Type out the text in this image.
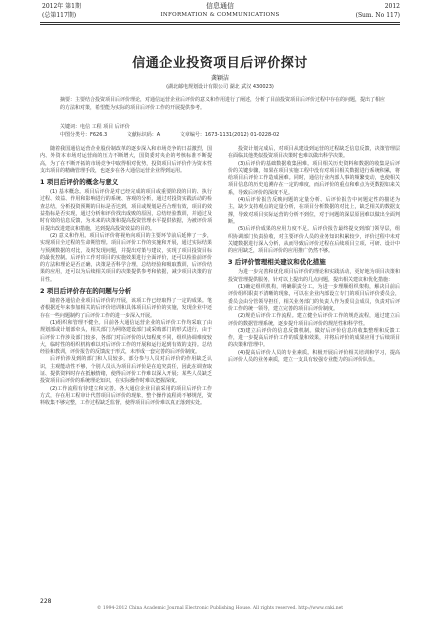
2012年 第1期
(总第117期)
信息通信
INFORMATION & COMMUNICATIONS
2012
(Sum. No 117)
信通企业投资项目后评价探讨
龚颖洁
(湖北邮电规划设计有限公司 湖北 武汉 430023)
摘要：主要结合投资项目后评价理论，对通信运营企业后评价的意义和作用进行了阐述，分析了目前投资项目后评价过程中存在的问题，提出了相应的方法和对策，希望能为实际的项目后评价工作的开展提供参考。
关键词：电信 工程 项目 后评价
中图分类号：F626.3	文献标识码：A	文章编号：1673-1131(2012) 01-0228-02

随着我国通信运营企业股份制改革的逐步深入和市场竞争的日益激烈，国内、外资本市场对运营商的压力不断增大，国资委对央企的考核标准不断提高，为了在不断开拓的市场竞争中取得相对优势，投资项目后评价作为资本性支出项目的精确管理手段，也逐步在各大通信运营企业得到运用。

1 项目后评价的概念与意义

(1) 基本概念。项目后评价是对已经完成的项目或重要阶段的目的、执行过程、效益、作用和影响进行的系统、客观的分析，通过对投资实践活动的检查总结，分析投资预期的目标是否达到，项目或规划是否合理有效，项目的效益指标是否实现，通过分析和评价找出成败的原因，总结经验教训，并通过及时有效的信息反馈，为未来的决策和提高投资管理水平提供依据，为被评价项目提出改进建议和措施，达到提高投资效益的目的。

(2) 意义和作用。项目后评价将视角向项目的主要环节前后延伸了一步，实现项目全过程的生命期管理。项目后评价工作的实施和开展，通过实际结果与预测数据的对比，及时发现问题，并提出对策与建议，实现了项目投资目标的最优控制。后评价工作对项目的实施效果进行全面评价，还可以检验前评价的方法和理论是否正确，决策是否科学合理，总结经验和吸取教训，后评价结果的应用，还可以为后续相关项目的决策提供参考和依据，减少项目决策的盲目性。

2 项目后评价存在的问题与分析

随着各通信企业项目后评价的开展，该项工作已经取得了一定的成果。笔者根据近年来参加相关的后评价培训和具体项目后评价的实施，发现企业中还存在一些问题制约了后评价工作的进一步深入开展。

(1)组织和管理不健全。目前各大通信运营企业的后评价工作均采取了由规划部或计划部牵头，相关部门为网络建设部门或采购部门的形式进行，由于后评价工作涉及部门较多，各部门对后评价的认知程度不同，组织协调难度较大，临时性的组织机构难以对后评价工作的开展和运行起到有效的支持。总结经验和教训，评价报告的反馈流于形式，未形成一套完善的后评价制度。

后评价涉及到的部门和人员较多，部分参与人员对后评价的作用缺乏认识，主观能动性不够，个别人员认为项目后评价是在追究责任，因此在调查取证、提供资料时存在抵触情绪，使得后评价工作难以深入开展；某些人员缺乏投资项目后评价的系统理论知识，在实际操作时难以把握深度。

(2)工作流程有待建立和完善。各大通信企业目前采用的项目后评价工作方式，存在用工程审计代替项目后评价的现象，整个操作流程尚不够规范，资料收集不够完整，工作过程缺乏监督，使得项目后评价难以真正落到实处。

投资计划完成后，对项目从建设到运营的过程缺乏信息反馈，决策管理层在面临其他类似投资项目决策时也难以做出科学决策。

(3)后评价的基础数据收集困难。项目相关历史资料和数据的收集是后评价的关键步骤，如果在项目实施工程中没有对项目相关数据进行系统积累，将给项目后评价工作造成困难。同时，通信行业内部人事的频繁变动，也使相关项目信息的历史追溯存在一定的难度，而后评价的重点和难点为更数据如来关系，导致后评价的深度不足。

(4)后评价报告反映问题的定量分析、后评价报告中问题定性的描述为主，缺少支持观点的定量分析，在项目分析数据的对比上，缺乏相关的数据支撑，导致对项目实际运营的分析不到位，对于问题的深层原因难以做出全面判断。

(5)后评价成果的应用力度不足。后评价报告最终提交到部门领导层，组织协调部门负责验收，对主要评价人员的业务知识积累较少，评价过程中未对关键数据进行深入分析，从而导致后评价过程在后续项目立项、可研、设计中的应用缺乏，项目后评价的应用推广仍然不够。

3 后评价管理相关建议和优化措施

为进一步完善和优化项目后评价的理论和实践活动，更好地为项目决策和投资管理提供服务，针对以上提出的几点问题，提出相关建议和优化措施：

(1)确定组织机构，明确职责分工。为进一步理顺组织架构，解决目前后评价组织职责不清晰的现象，可以在企业内部设立专门的项目后评价委员会，委员会由分管领导担任，相关业务部门的负责人作为委员会成员，负责对后评价工作的统一领导，建立完善的项目后评价制度。

(2)规范后评价工作流程。建立健全后评价工作的规范流程，通过建立后评价的数据管理系统，逐步提升项目后评价的规范性和科学性。

(3)建立后评价的信息反馈机制。做好后评价信息的收集整理和反馈工作，进一步提高后评价工作的质量和效果，并将后评价的成果应用于后续项目的决策和管理中。

(4)提高后评价人员的专业素质。积极开展后评价相关培训和学习，提高后评价人员的业务素质，建立一支具有较强专业能力的后评价队伍。

228
© 1994-2012 China Academic Journal Electronic Publishing House. All rights reserved. http://www.cnki.net
